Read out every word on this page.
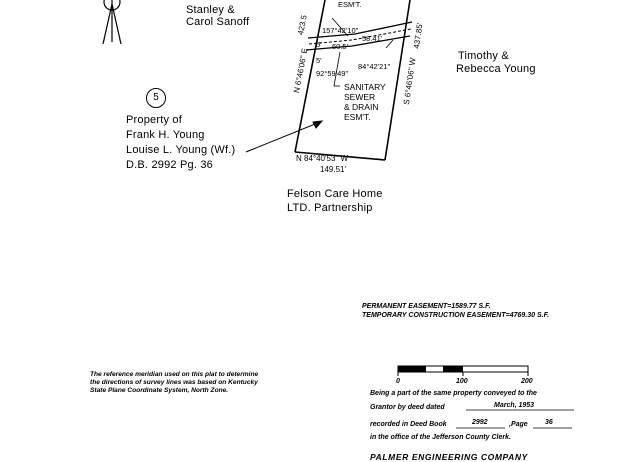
Stanley &
Carol Sanoff
Timothy &
Rebecca Young
5
Property of
Frank H. Young
Louise L. Young (Wf.)
D.B. 2992 Pg. 36
Felson Care Home
LTD. Partnership
N 6°46'06" E
423.5
S 6°46'06" W
437.85'
N 84°40'53" W
149.51'
ESM'T.
157°42'10"
58.41'
60.5'
5'
5'
84°42'21"
92°59'49"
SANITARY
SEWER
& DRAIN
ESM'T.
PERMANENT EASEMENT=1589.77 S.F.
TEMPORARY CONSTRUCTION EASEMENT=4769.30 S.F.
The reference meridian used on this plat to determine
the directions of survey lines was based on Kentucky
State Plane Coordinate System, North Zone.
0	100	200
Being a part of the same property conveyed to the
Grantor by deed dated	March, 1953
recorded in Deed Book	2992	,Page 36
in the office of the Jefferson County Clerk.
PALMER ENGINEERING COMPANY
